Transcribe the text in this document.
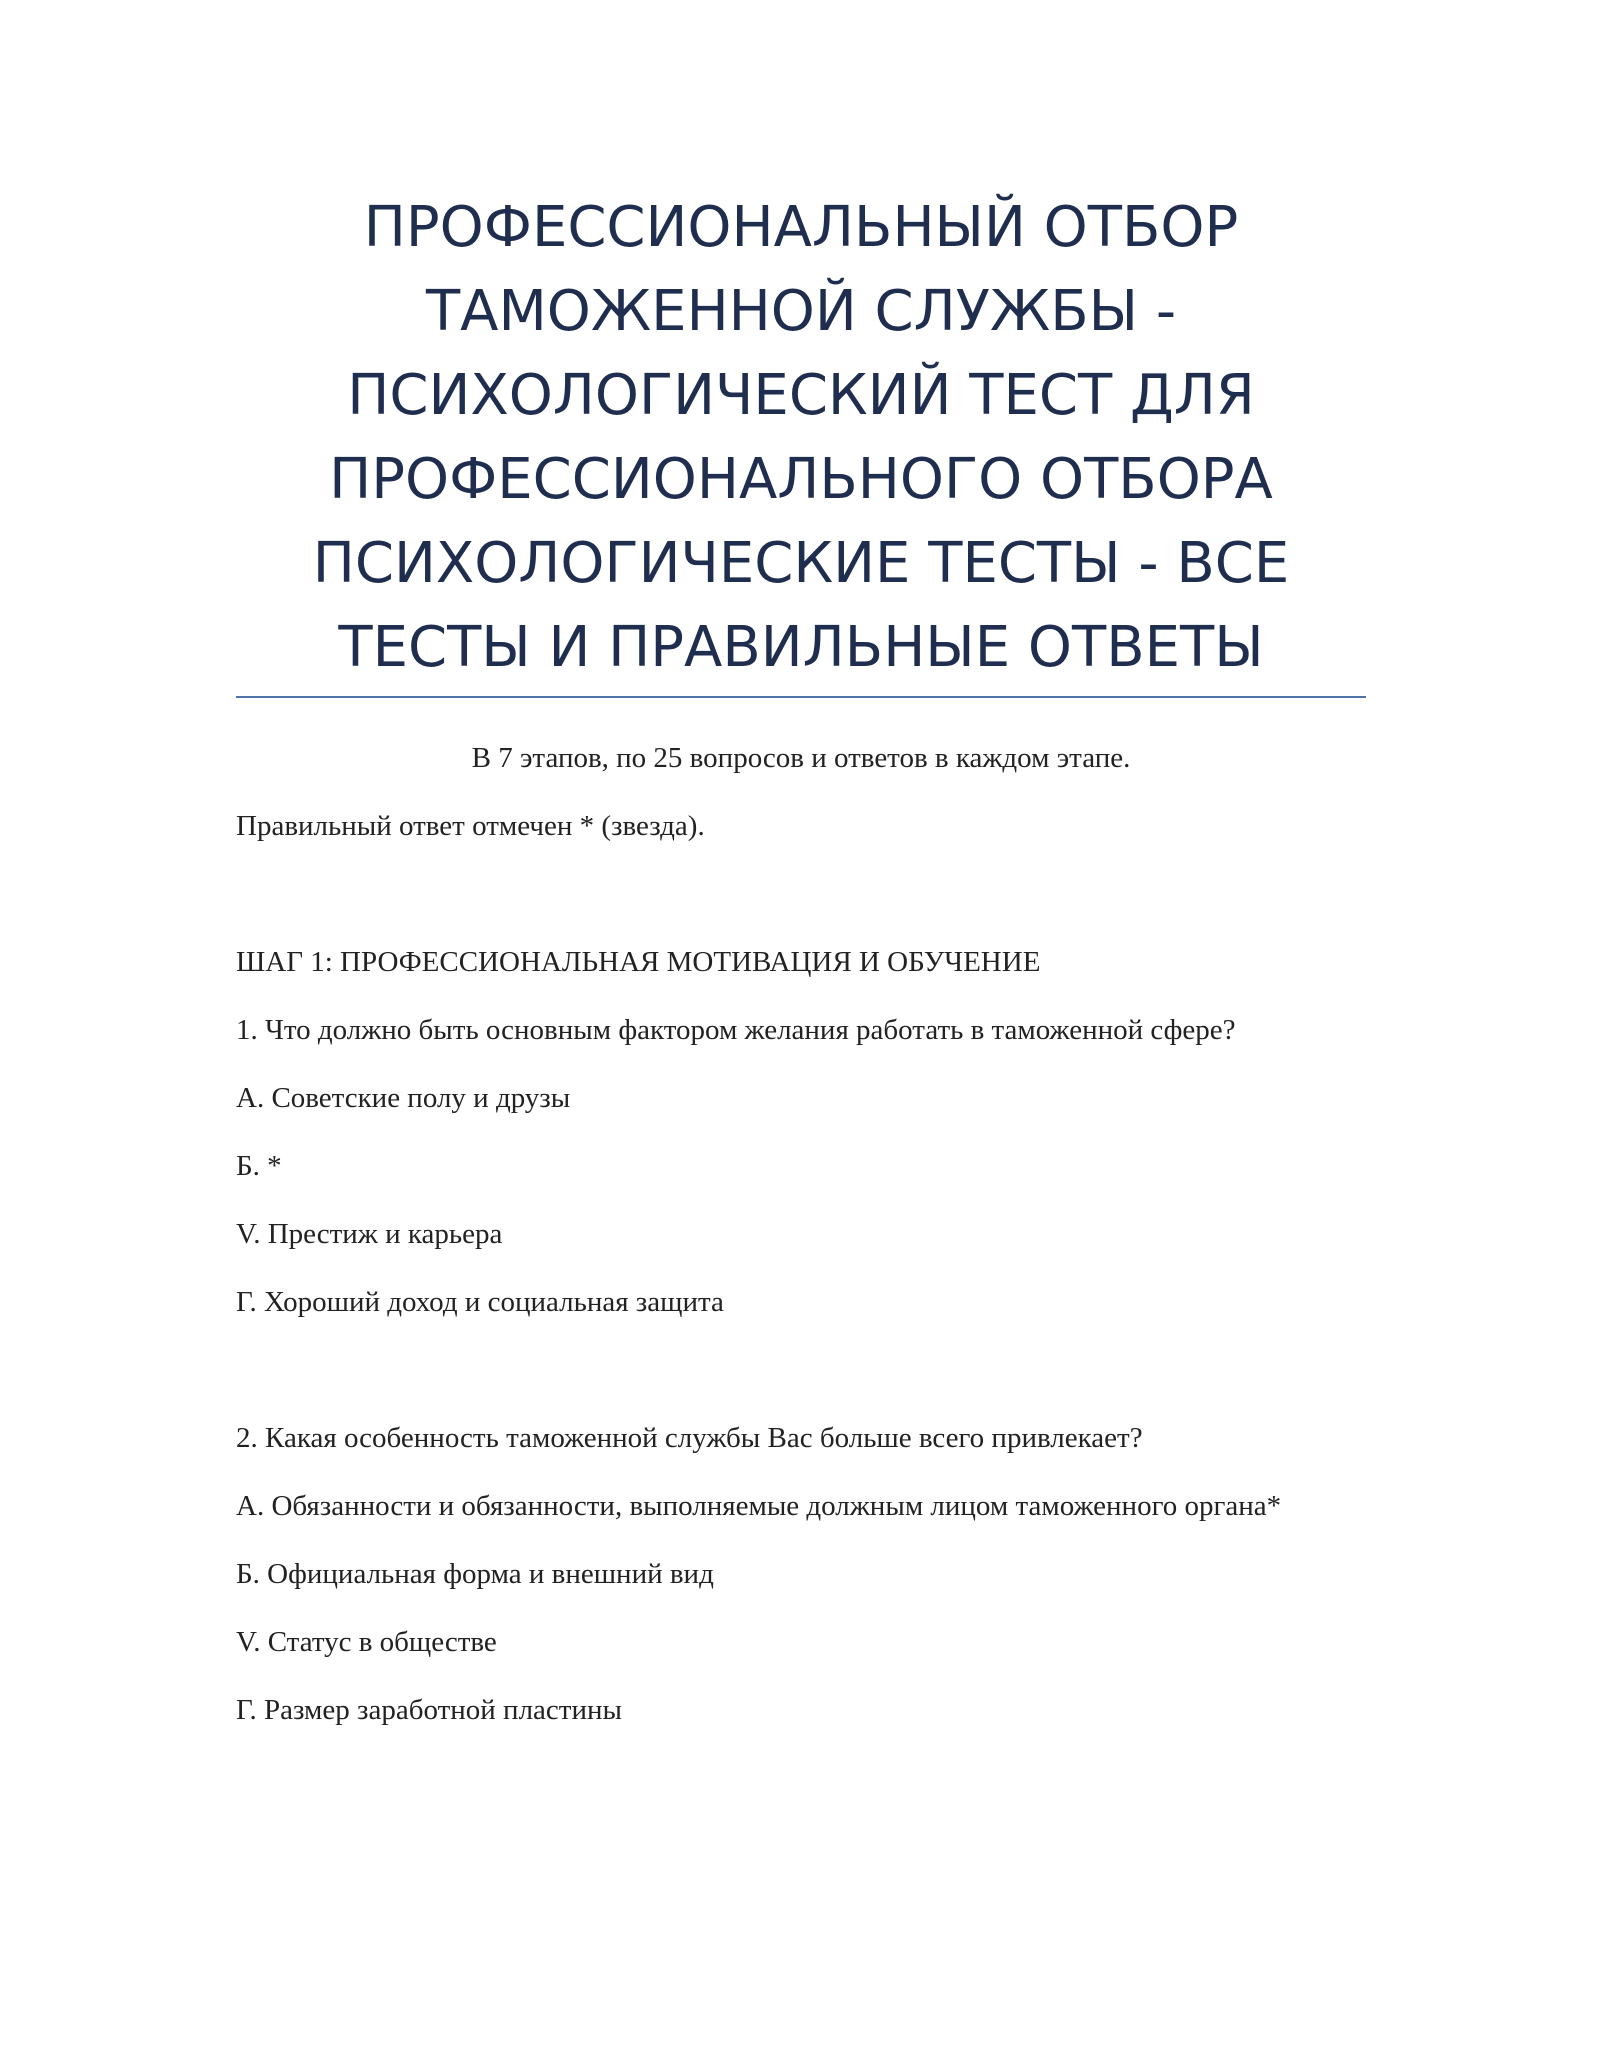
ПРОФЕССИОНАЛЬНЫЙ ОТБОР
ТАМОЖЕННОЙ СЛУЖБЫ -
ПСИХОЛОГИЧЕСКИЙ ТЕСТ ДЛЯ
ПРОФЕССИОНАЛЬНОГО ОТБОРА
ПСИХОЛОГИЧЕСКИЕ ТЕСТЫ - ВСЕ
ТЕСТЫ И ПРАВИЛЬНЫЕ ОТВЕТЫ

В 7 этапов, по 25 вопросов и ответов в каждом этапе.

Правильный ответ отмечен * (звезда).

ШАГ 1: ПРОФЕССИОНАЛЬНАЯ МОТИВАЦИЯ И ОБУЧЕНИЕ

1. Что должно быть основным фактором желания работать в таможенной сфере?

А. Советские полу и друзы

Б. *

V. Престиж и карьера

Г. Хороший доход и социальная защита

2. Какая особенность таможенной службы Вас больше всего привлекает?

А. Обязанности и обязанности, выполняемые должным лицом таможенного органа*

Б. Официальная форма и внешний вид

V. Статус в обществе

Г. Размер заработной пластины
